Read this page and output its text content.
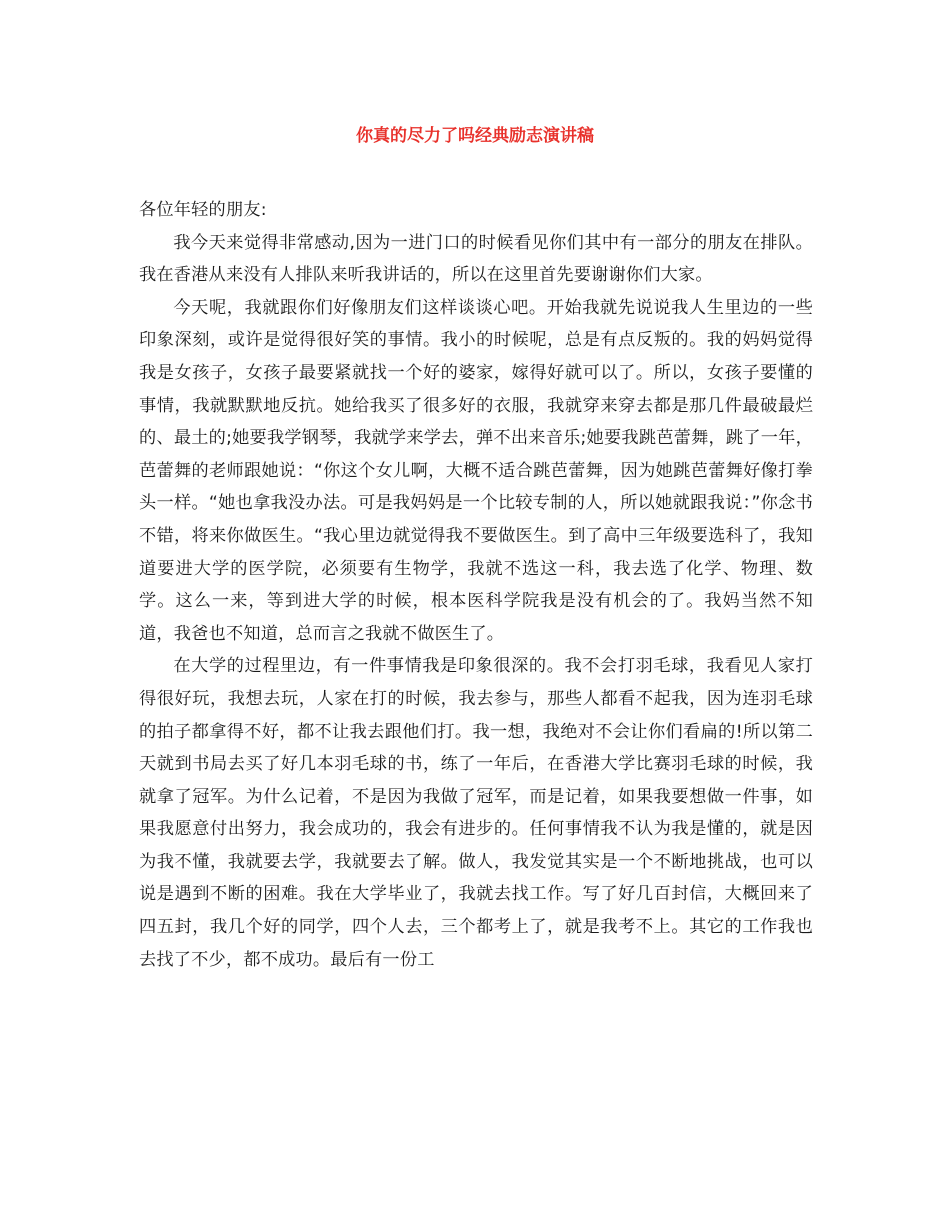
你真的尽力了吗经典励志演讲稿

各位年轻的朋友:

我今天来觉得非常感动,因为一进门口的时候看见你们其中有一部分的朋友在排队。我在香港从来没有人排队来听我讲话的，所以在这里首先要谢谢你们大家。

今天呢，我就跟你们好像朋友们这样谈谈心吧。开始我就先说说我人生里边的一些印象深刻，或许是觉得很好笑的事情。我小的时候呢，总是有点反叛的。我的妈妈觉得我是女孩子，女孩子最要紧就找一个好的婆家，嫁得好就可以了。所以，女孩子要懂的事情，我就默默地反抗。她给我买了很多好的衣服，我就穿来穿去都是那几件最破最烂的、最土的;她要我学钢琴，我就学来学去，弹不出来音乐;她要我跳芭蕾舞，跳了一年，芭蕾舞的老师跟她说：“你这个女儿啊，大概不适合跳芭蕾舞，因为她跳芭蕾舞好像打拳头一样。“她也拿我没办法。可是我妈妈是一个比较专制的人，所以她就跟我说：”你念书不错，将来你做医生。“我心里边就觉得我不要做医生。到了高中三年级要选科了，我知道要进大学的医学院，必须要有生物学，我就不选这一科，我去选了化学、物理、数学。这么一来，等到进大学的时候，根本医科学院我是没有机会的了。我妈当然不知道，我爸也不知道，总而言之我就不做医生了。

在大学的过程里边，有一件事情我是印象很深的。我不会打羽毛球，我看见人家打得很好玩，我想去玩，人家在打的时候，我去参与，那些人都看不起我，因为连羽毛球的拍子都拿得不好，都不让我去跟他们打。我一想，我绝对不会让你们看扁的!所以第二天就到书局去买了好几本羽毛球的书，练了一年后，在香港大学比赛羽毛球的时候，我就拿了冠军。为什么记着，不是因为我做了冠军，而是记着，如果我要想做一件事，如果我愿意付出努力，我会成功的，我会有进步的。任何事情我不认为我是懂的，就是因为我不懂，我就要去学，我就要去了解。做人，我发觉其实是一个不断地挑战，也可以说是遇到不断的困难。我在大学毕业了，我就去找工作。写了好几百封信，大概回来了四五封，我几个好的同学，四个人去，三个都考上了，就是我考不上。其它的工作我也去找了不少，都不成功。最后有一份工
